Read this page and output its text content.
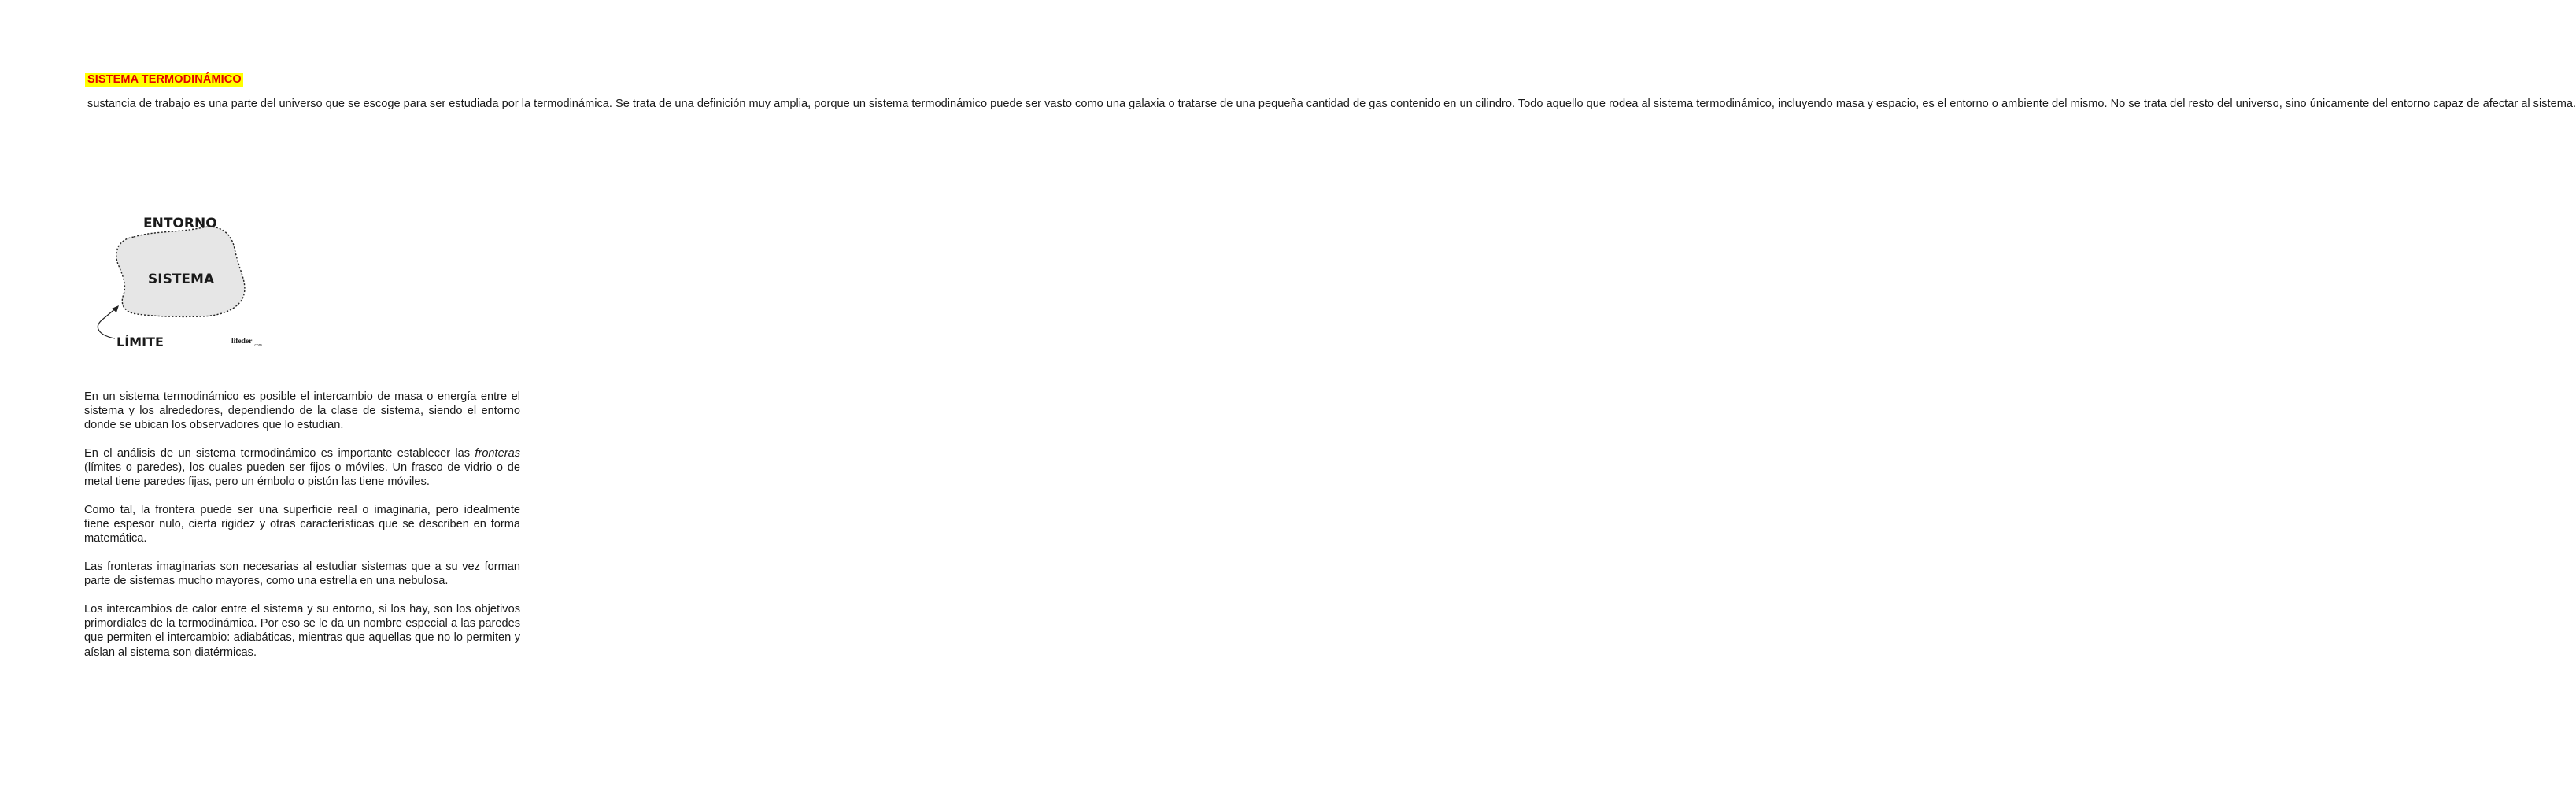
SISTEMA TERMODINÁMICO

sustancia de trabajo es una parte del universo que se escoge para ser estudiada por la termodinámica. Se trata de una definición muy amplia, porque un sistema termodinámico puede ser vasto como una galaxia o tratarse de una pequeña cantidad de gas contenido en un cilindro. Todo aquello que rodea al sistema termodinámico, incluyendo masa y espacio, es el entorno o ambiente del mismo. No se trata del resto del universo, sino únicamente del entorno capaz de afectar al sistema.

ENTORNO
SISTEMA
LÍMITE	lifeder .com

En un sistema termodinámico es posible el intercambio de masa o energía entre el sistema y los alrededores, dependiendo de la clase de sistema, siendo el entorno donde se ubican los observadores que lo estudian.

En el análisis de un sistema termodinámico es importante establecer las fronteras (límites o paredes), los cuales pueden ser fijos o móviles. Un frasco de vidrio o de metal tiene paredes fijas, pero un émbolo o pistón las tiene móviles.

Como tal, la frontera puede ser una superficie real o imaginaria, pero idealmente tiene espesor nulo, cierta rigidez y otras características que se describen en forma matemática.

Las fronteras imaginarias son necesarias al estudiar sistemas que a su vez forman parte de sistemas mucho mayores, como una estrella en una nebulosa.

Los intercambios de calor entre el sistema y su entorno, si los hay, son los objetivos primordiales de la termodinámica. Por eso se le da un nombre especial a las paredes que permiten el intercambio: adiabáticas, mientras que aquellas que no lo permiten y aíslan al sistema son diatérmicas.
